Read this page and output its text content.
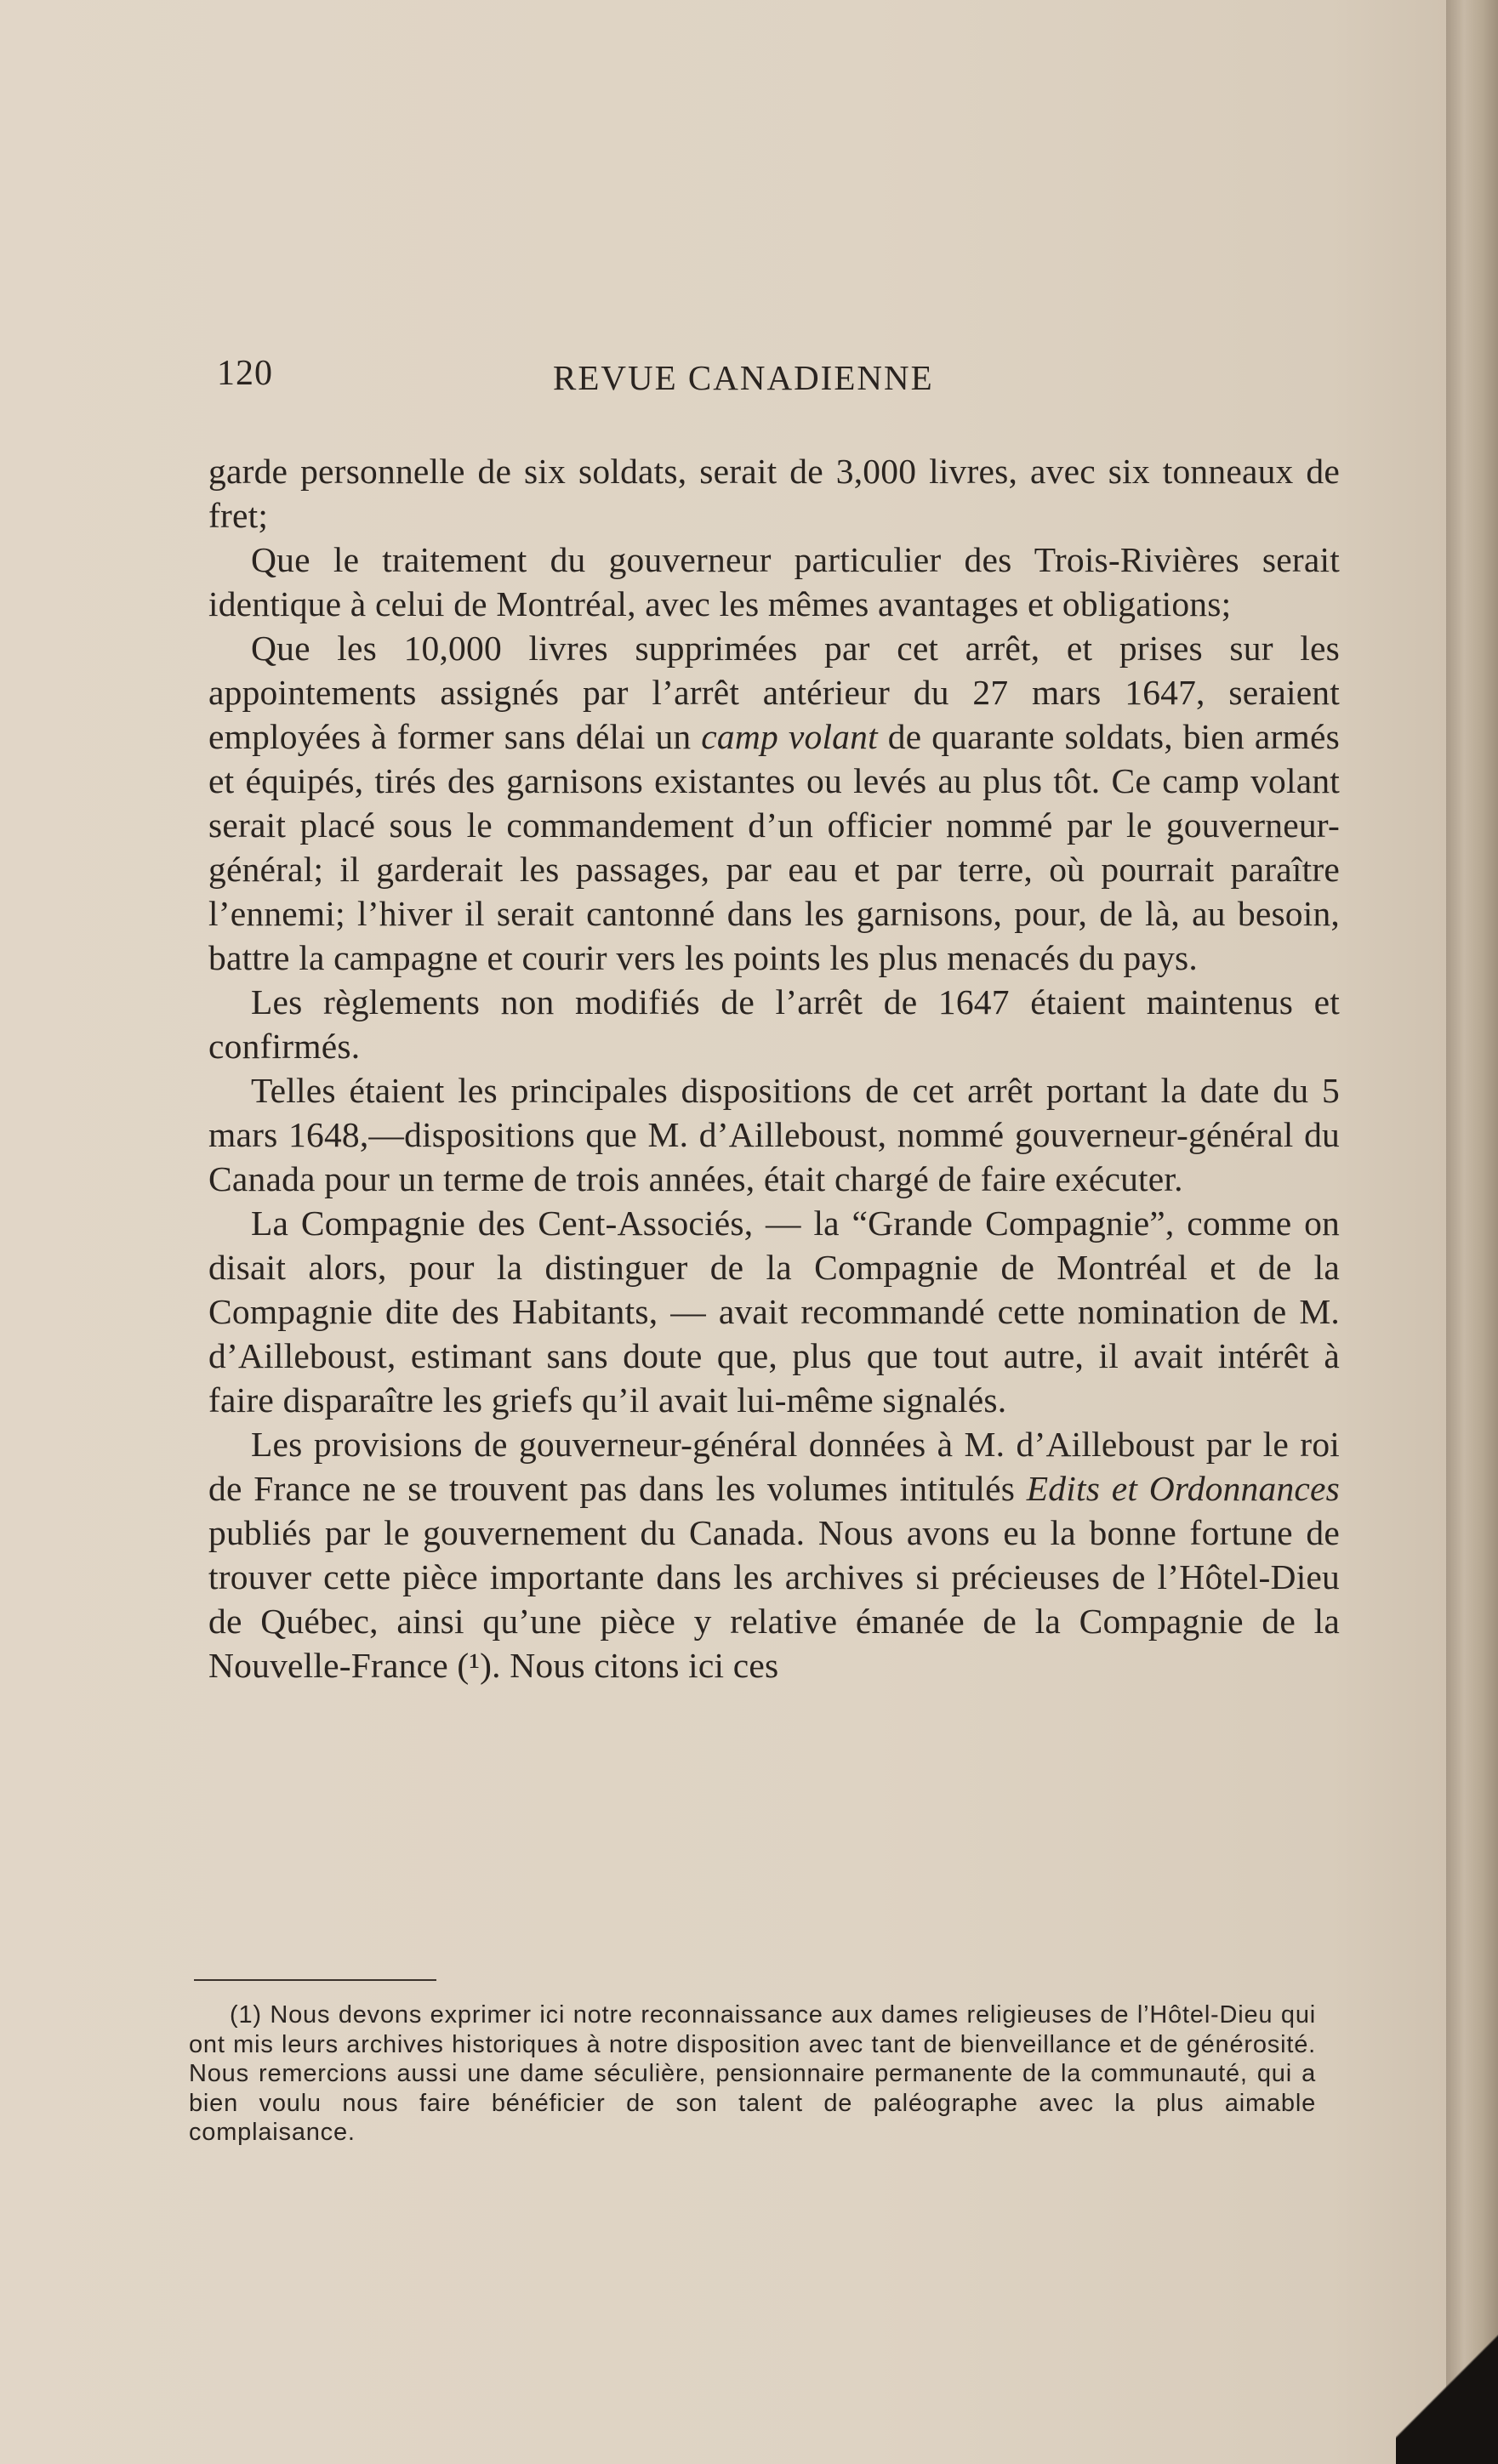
120	REVUE CANADIENNE

garde personnelle de six soldats, serait de 3,000 livres, avec six tonneaux de fret;

Que le traitement du gouverneur particulier des Trois-Rivières serait identique à celui de Montréal, avec les mêmes avantages et obligations;

Que les 10,000 livres supprimées par cet arrêt, et prises sur les appointements assignés par l’arrêt antérieur du 27 mars 1647, seraient employées à former sans délai un camp volant de quarante soldats, bien armés et équipés, tirés des garnisons existantes ou levés au plus tôt. Ce camp volant serait placé sous le commandement d’un officier nommé par le gouverneur-général; il garderait les passages, par eau et par terre, où pourrait paraître l’ennemi; l’hiver il serait cantonné dans les garnisons, pour, de là, au besoin, battre la campagne et courir vers les points les plus menacés du pays.

Les règlements non modifiés de l’arrêt de 1647 étaient maintenus et confirmés.

Telles étaient les principales dispositions de cet arrêt portant la date du 5 mars 1648,—dispositions que M. d’Ailleboust, nommé gouverneur-général du Canada pour un terme de trois années, était chargé de faire exécuter.

La Compagnie des Cent-Associés, — la “Grande Compagnie”, comme on disait alors, pour la distinguer de la Compagnie de Montréal et de la Compagnie dite des Habitants, — avait recommandé cette nomination de M. d’Ailleboust, estimant sans doute que, plus que tout autre, il avait intérêt à faire disparaître les griefs qu’il avait lui-même signalés.

Les provisions de gouverneur-général données à M. d’Ailleboust par le roi de France ne se trouvent pas dans les volumes intitulés Edits et Ordonnances publiés par le gouvernement du Canada. Nous avons eu la bonne fortune de trouver cette pièce importante dans les archives si précieuses de l’Hôtel-Dieu de Québec, ainsi qu’une pièce y relative émanée de la Compagnie de la Nouvelle-France (¹). Nous citons ici ces

(1) Nous devons exprimer ici notre reconnaissance aux dames religieuses de l’Hôtel-Dieu qui ont mis leurs archives historiques à notre disposition avec tant de bienveillance et de générosité. Nous remercions aussi une dame séculière, pensionnaire permanente de la communauté, qui a bien voulu nous faire bénéficier de son talent de paléographe avec la plus aimable complaisance.
